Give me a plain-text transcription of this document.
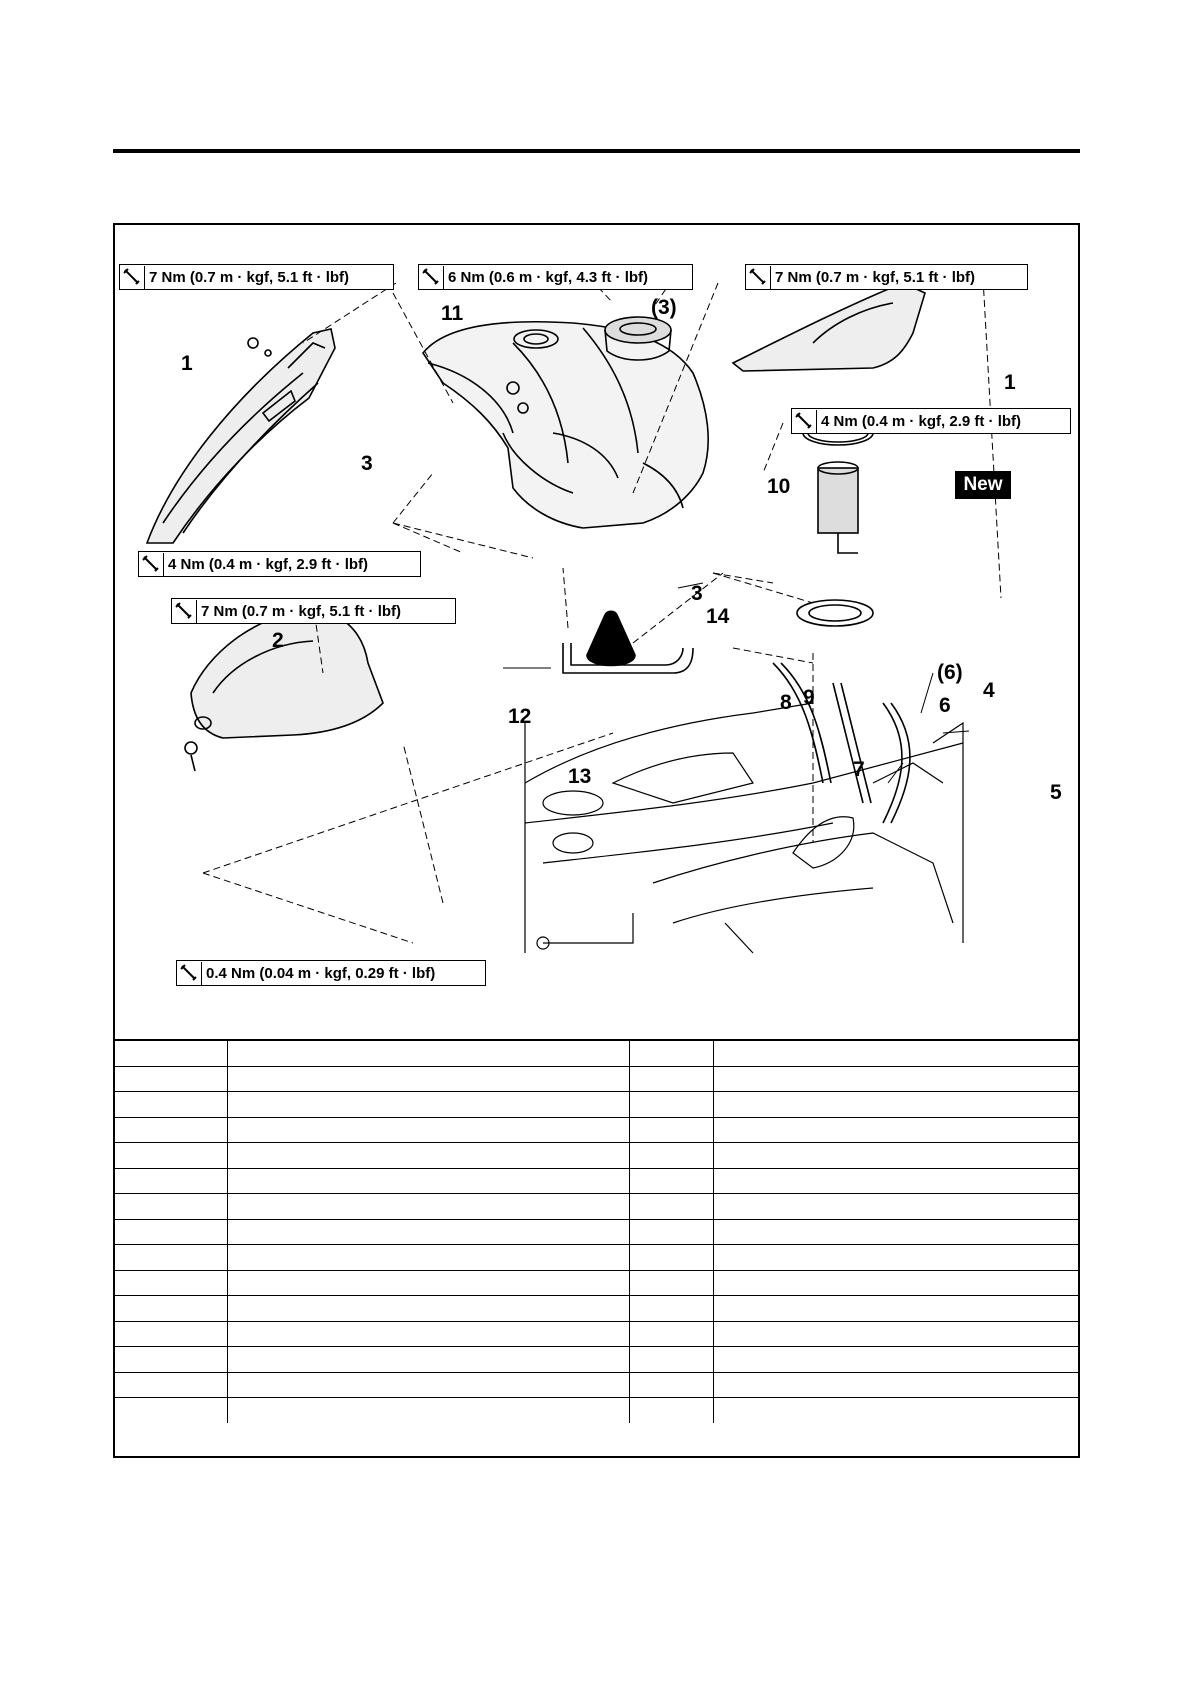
7 Nm (0.7 m · kgf, 5.1 ft · lbf)	6 Nm (0.6 m · kgf, 4.3 ft · lbf)	7 Nm (0.7 m · kgf, 5.1 ft · lbf)
4 Nm (0.4 m · kgf, 2.9 ft · lbf)
4 Nm (0.4 m · kgf, 2.9 ft · lbf)
7 Nm (0.7 m · kgf, 5.1 ft · lbf)
0.4 Nm (0.04 m · kgf, 0.29 ft · lbf)
1
11	(3)
1
3
10
3
14
2
(6)
4
12
8 9	6
13	7
5
New
LT
